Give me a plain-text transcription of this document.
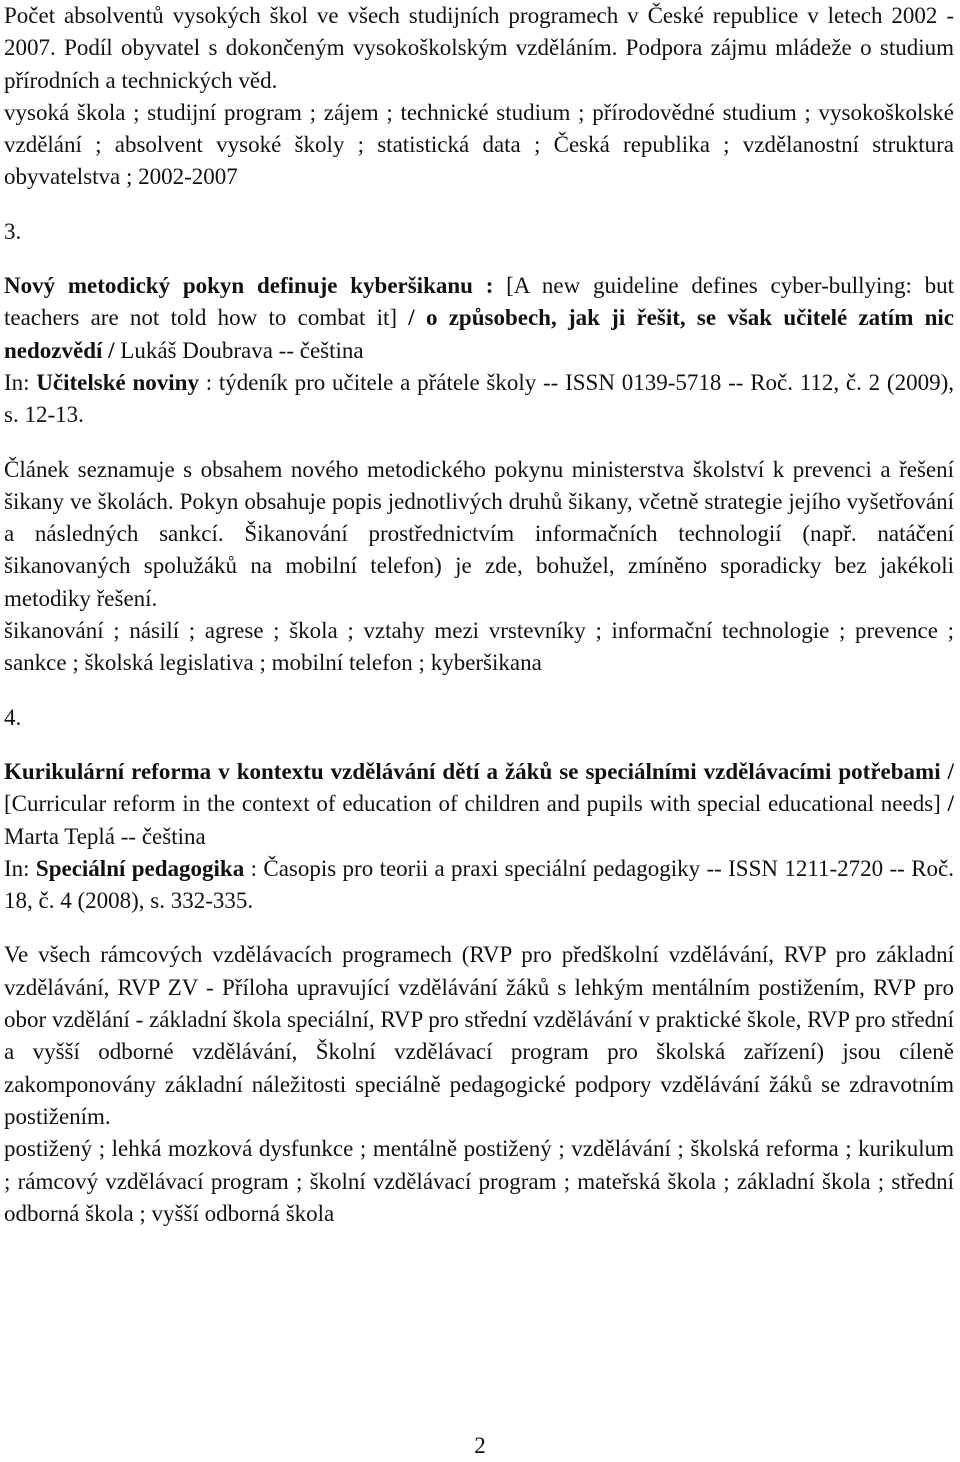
Počet absolventů vysokých škol ve všech studijních programech v České republice v letech 2002 - 2007. Podíl obyvatel s dokončeným vysokoškolským vzděláním. Podpora zájmu mládeže o studium přírodních a technických věd.

vysoká škola ; studijní program ; zájem ; technické studium ; přírodovědné studium ; vysokoškolské vzdělání ; absolvent vysoké školy ; statistická data ; Česká republika ; vzdělanostní struktura obyvatelstva ; 2002-2007

3.

Nový metodický pokyn definuje kyberšikanu : [A new guideline defines cyber-bullying: but teachers are not told how to combat it] / o způsobech, jak ji řešit, se však učitelé zatím nic nedozvědí / Lukáš Doubrava -- čeština

In: Učitelské noviny : týdeník pro učitele a přátele školy -- ISSN 0139-5718 -- Roč. 112, č. 2 (2009), s. 12-13.

Článek seznamuje s obsahem nového metodického pokynu ministerstva školství k prevenci a řešení šikany ve školách. Pokyn obsahuje popis jednotlivých druhů šikany, včetně strategie jejího vyšetřování a následných sankcí. Šikanování prostřednictvím informačních technologií (např. natáčení šikanovaných spolužáků na mobilní telefon) je zde, bohužel, zmíněno sporadicky bez jakékoli metodiky řešení.

šikanování ; násilí ; agrese ; škola ; vztahy mezi vrstevníky ; informační technologie ; prevence ; sankce ; školská legislativa ; mobilní telefon ; kyberšikana

4.

Kurikulární reforma v kontextu vzdělávání dětí a žáků se speciálními vzdělávacími potřebami / [Curricular reform in the context of education of children and pupils with special educational needs] / Marta Teplá -- čeština

In: Speciální pedagogika : Časopis pro teorii a praxi speciální pedagogiky -- ISSN 1211-2720 -- Roč. 18, č. 4 (2008), s. 332-335.

Ve všech rámcových vzdělávacích programech (RVP pro předškolní vzdělávání, RVP pro základní vzdělávání, RVP ZV - Příloha upravující vzdělávání žáků s lehkým mentálním postižením, RVP pro obor vzdělání - základní škola speciální, RVP pro střední vzdělávání v praktické škole, RVP pro střední a vyšší odborné vzdělávání, Školní vzdělávací program pro školská zařízení) jsou cíleně zakomponovány základní náležitosti speciálně pedagogické podpory vzdělávání žáků se zdravotním postižením.

postižený ; lehká mozková dysfunkce ; mentálně postižený ; vzdělávání ; školská reforma ; kurikulum ; rámcový vzdělávací program ; školní vzdělávací program ; mateřská škola ; základní škola ; střední odborná škola ; vyšší odborná škola

2
